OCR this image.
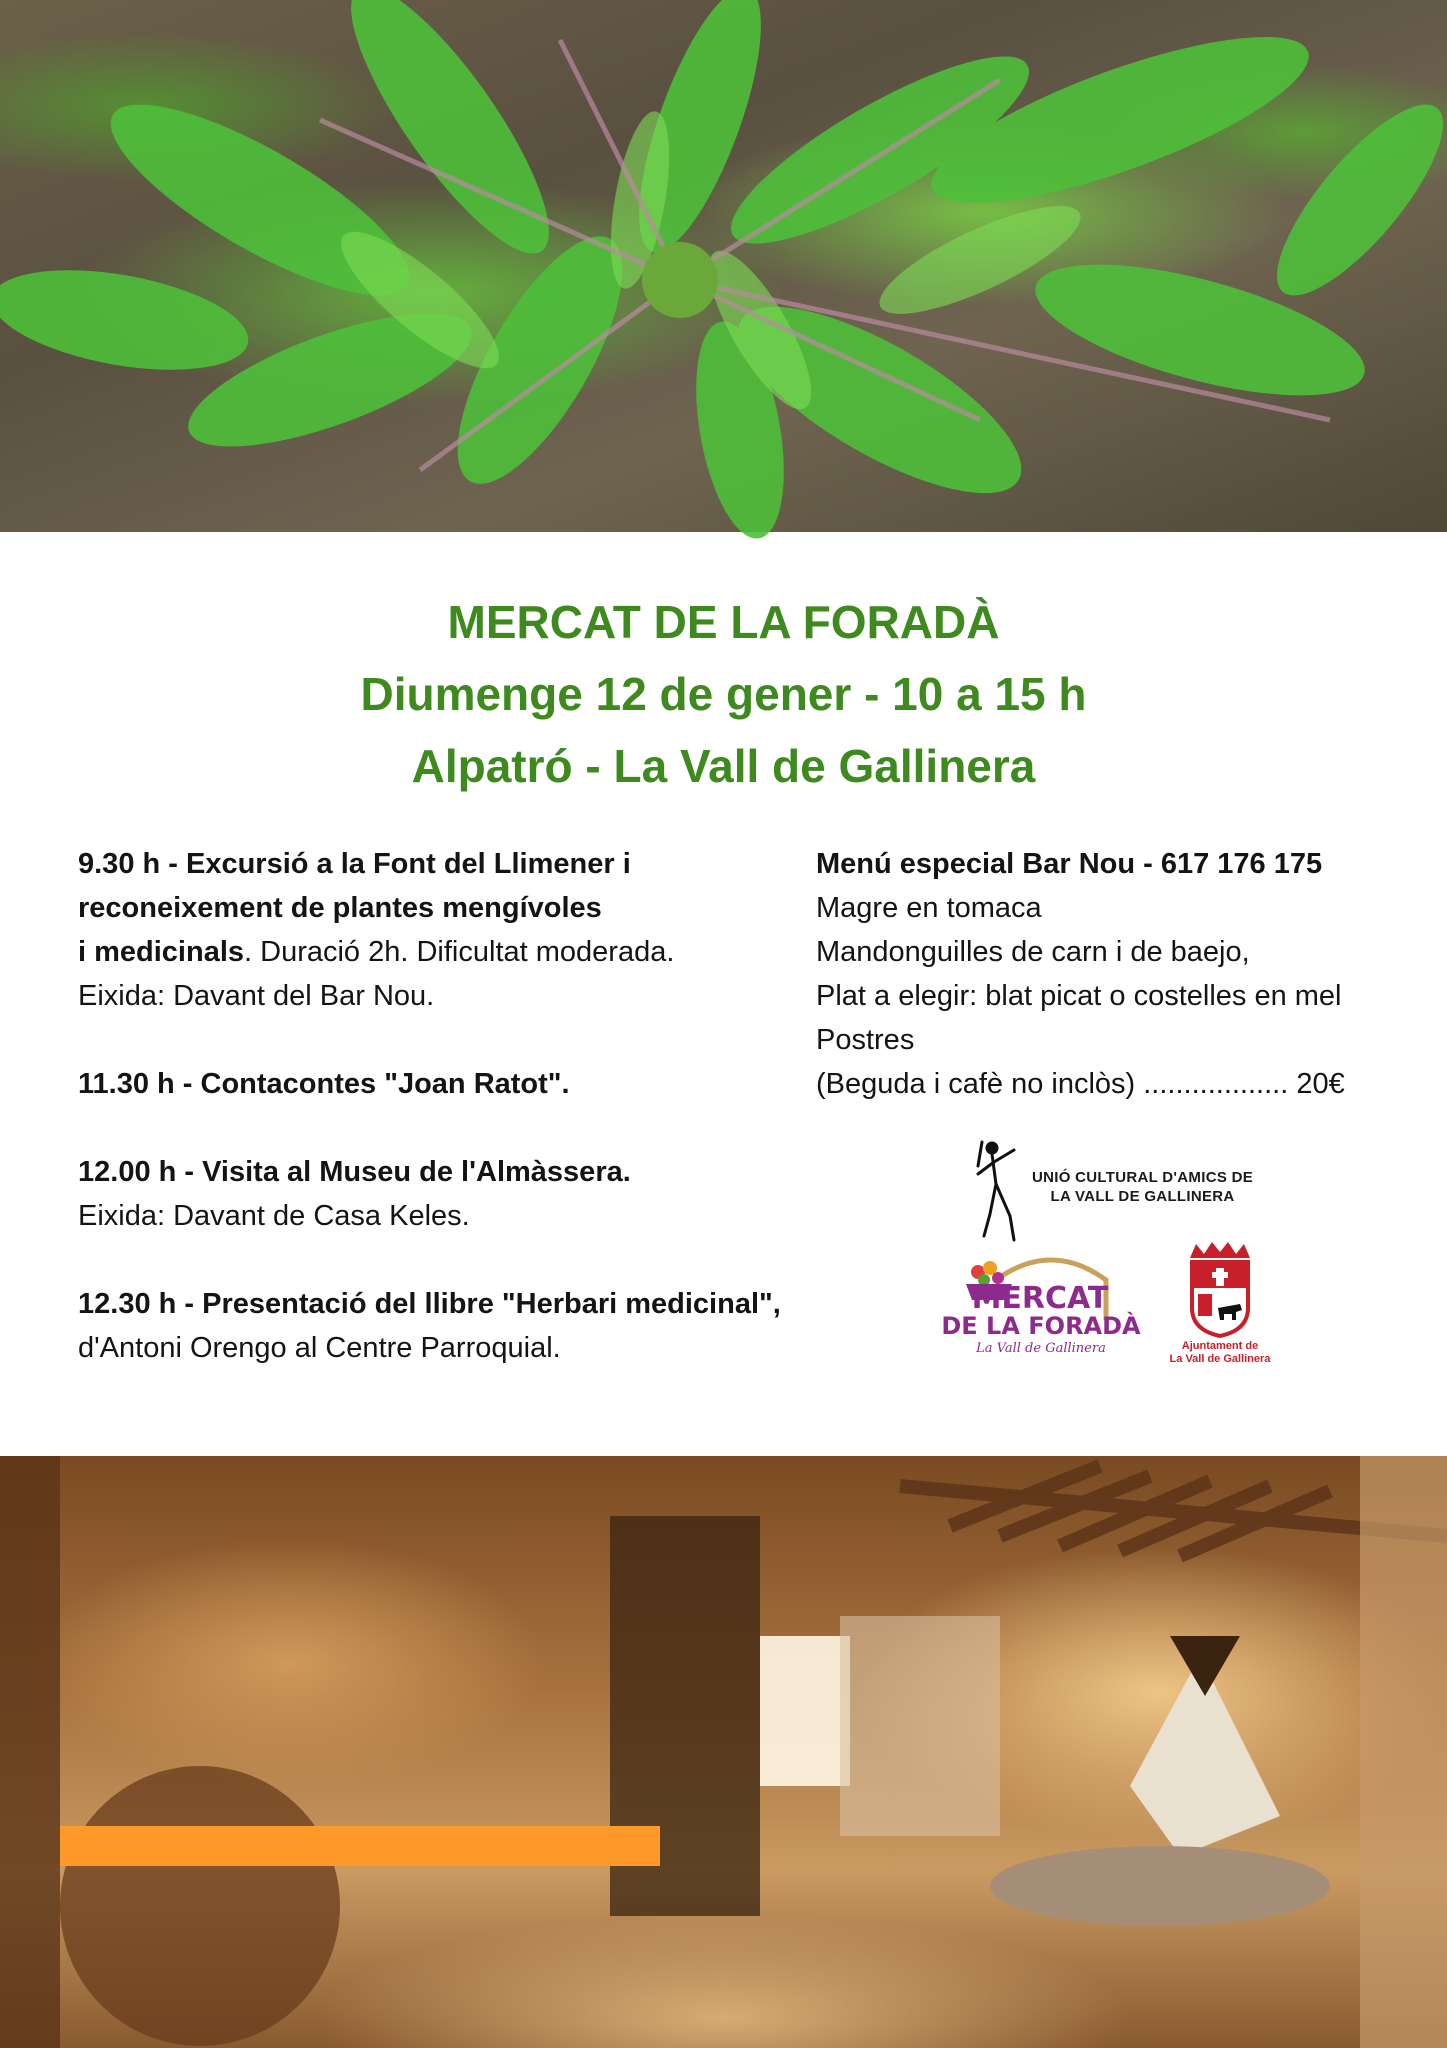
MERCAT DE LA FORADÀ
Diumenge 12 de gener - 10 a 15 h
Alpatró - La Vall de Gallinera

9.30 h - Excursió a la Font del Llimener i
reconeixement de plantes mengívoles
i medicinals. Duració 2h. Dificultat moderada.
Eixida: Davant del Bar Nou.

11.30 h - Contacontes "Joan Ratot".

12.00 h - Visita al Museu de l'Almàssera.
Eixida: Davant de Casa Keles.

12.30 h - Presentació del llibre "Herbari medicinal",
d'Antoni Orengo al Centre Parroquial.

Menú especial Bar Nou - 617 176 175

Magre en tomaca

Mandonguilles de carn i de baejo,

Plat a elegir: blat picat o costelles en mel

Postres

(Beguda i cafè no inclòs) .................. 20€

UNIÓ CULTURAL D'AMICS DE
LA VALL DE GALLINERA
MERCAT
DE LA FORADÀ
La Vall de Gallinera	Ajuntament de
La Vall de Gallinera
